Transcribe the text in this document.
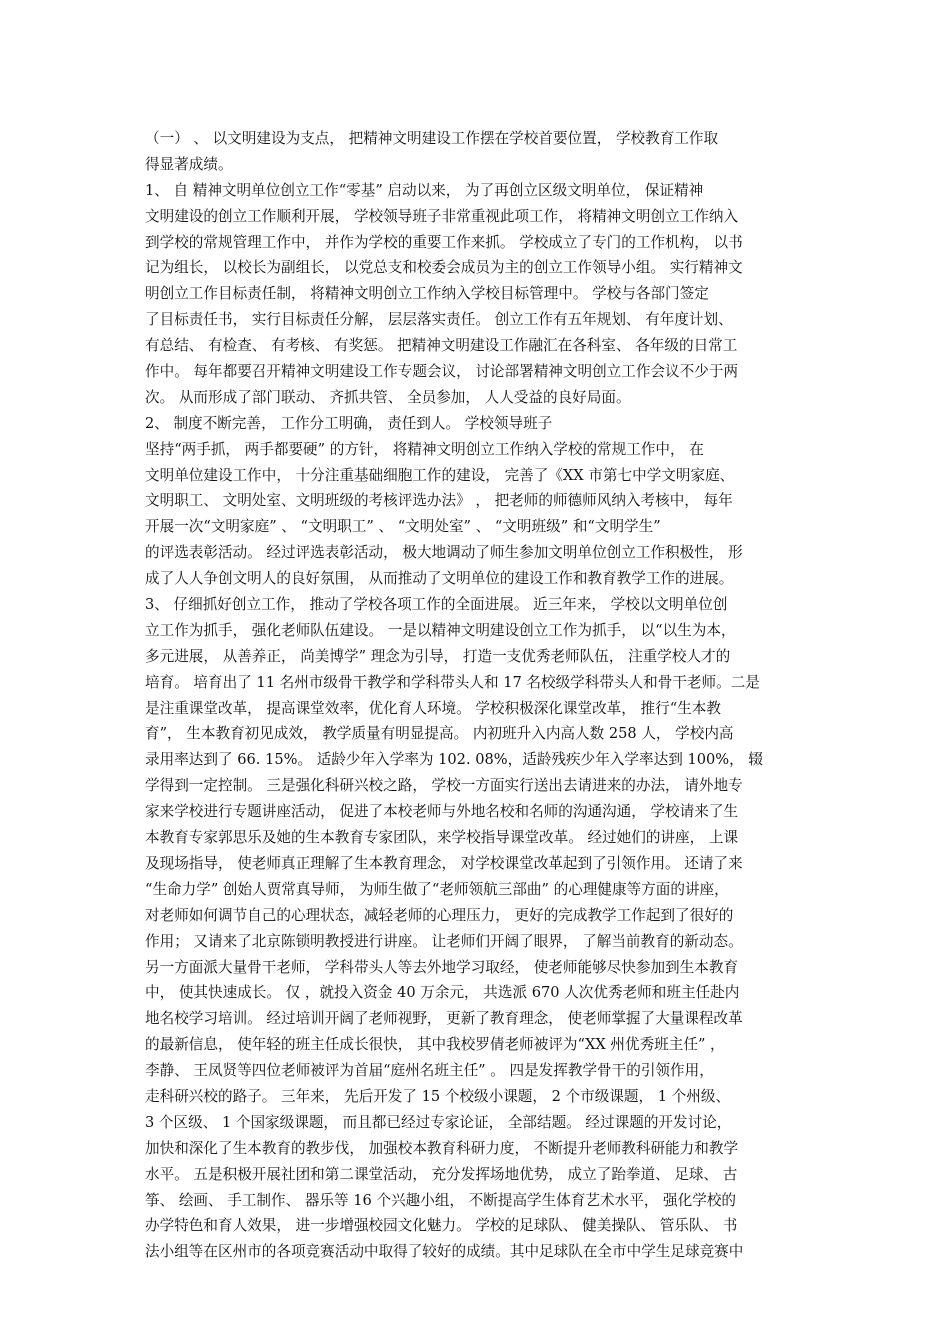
（一） 、 以文明建设为支点， 把精神文明建设工作摆在学校首要位置， 学校教育工作取
得显著成绩。
1、 自 精神文明单位创立工作“零基” 启动以来， 为了再创立区级文明单位， 保证精神
文明建设的创立工作顺利开展， 学校领导班子非常重视此项工作， 将精神文明创立工作纳入
到学校的常规管理工作中， 并作为学校的重要工作来抓。 学校成立了专门的工作机构， 以书
记为组长， 以校长为副组长， 以党总支和校委会成员为主的创立工作领导小组。 实行精神文
明创立工作目标责任制， 将精神文明创立工作纳入学校目标管理中。 学校与各部门签定
了目标责任书， 实行目标责任分解， 层层落实责任。 创立工作有五年规划、 有年度计划、
有总结、 有检查、 有考核、 有奖惩。 把精神文明建设工作融汇在各科室、 各年级的日常工
作中。 每年都要召开精神文明建设工作专题会议， 讨论部署精神文明创立工作会议不少于两
次。 从而形成了部门联动、 齐抓共管、 全员参加， 人人受益的良好局面。
2、 制度不断完善， 工作分工明确， 责任到人。 学校领导班子
坚持“两手抓， 两手都要硬” 的方针， 将精神文明创立工作纳入学校的常规工作中， 在
文明单位建设工作中， 十分注重基础细胞工作的建设， 完善了《XX 市第七中学文明家庭、
文明职工、 文明处室、文明班级的考核评选办法》 ， 把老师的师德师风纳入考核中， 每年
开展一次“文明家庭” 、 “文明职工” 、 “文明处室” 、 “文明班级” 和“文明学生”
的评选表彰活动。 经过评选表彰活动， 极大地调动了师生参加文明单位创立工作积极性， 形
成了人人争创文明人的良好氛围， 从而推动了文明单位的建设工作和教育教学工作的进展。
3、 仔细抓好创立工作， 推动了学校各项工作的全面进展。 近三年来， 学校以文明单位创
立工作为抓手， 强化老师队伍建设。 一是以精神文明建设创立工作为抓手， 以“以生为本，
多元进展， 从善养正， 尚美博学” 理念为引导， 打造一支优秀老师队伍， 注重学校人才的
培育。 培育出了 11 名州市级骨干教学和学科带头人和 17 名校级学科带头人和骨干老师。二是
是注重课堂改革， 提高课堂效率，优化育人环境。 学校积极深化课堂改革， 推行“生本教
育”， 生本教育初见成效， 教学质量有明显提高。 内初班升入内高人数 258 人， 学校内高
录用率达到了 66. 15%。 适龄少年入学率为 102. 08%，适龄残疾少年入学率达到 100%， 辍
学得到一定控制。 三是强化科研兴校之路， 学校一方面实行送出去请进来的办法， 请外地专
家来学校进行专题讲座活动， 促进了本校老师与外地名校和名师的沟通沟通， 学校请来了生
本教育专家郭思乐及她的生本教育专家团队，来学校指导课堂改革。 经过她们的讲座， 上课
及现场指导， 使老师真正理解了生本教育理念， 对学校课堂改革起到了引领作用。 还请了来
“生命力学” 创始人贾常真导师， 为师生做了“老师领航三部曲” 的心理健康等方面的讲座，
对老师如何调节自己的心理状态，减轻老师的心理压力， 更好的完成教学工作起到了很好的
作用； 又请来了北京陈锁明教授进行讲座。 让老师们开阔了眼界， 了解当前教育的新动态。
另一方面派大量骨干老师， 学科带头人等去外地学习取经， 使老师能够尽快参加到生本教育
中， 使其快速成长。 仅 ，就投入资金 40 万余元， 共选派 670 人次优秀老师和班主任赴内
地名校学习培训。 经过培训开阔了老师视野， 更新了教育理念， 使老师掌握了大量课程改革
的最新信息， 使年轻的班主任成长很快， 其中我校罗倩老师被评为“XX 州优秀班主任” ，
李静、 王凤贤等四位老师被评为首届“庭州名班主任” 。 四是发挥教学骨干的引领作用，
走科研兴校的路子。 三年来， 先后开发了 15 个校级小课题， 2 个市级课题， 1 个州级、
3 个区级、 1 个国家级课题， 而且都已经过专家论证， 全部结题。 经过课题的开发讨论，
加快和深化了生本教育的教步伐， 加强校本教育科研力度， 不断提升老师教科研能力和教学
水平。 五是积极开展社团和第二课堂活动， 充分发挥场地优势， 成立了跆拳道、 足球、 古
筝、 绘画、 手工制作、 器乐等 16 个兴趣小组， 不断提高学生体育艺术水平， 强化学校的
办学特色和育人效果， 进一步增强校园文化魅力。 学校的足球队、 健美操队、 管乐队、 书
法小组等在区州市的各项竞赛活动中取得了较好的成绩。其中足球队在全市中学生足球竞赛中
